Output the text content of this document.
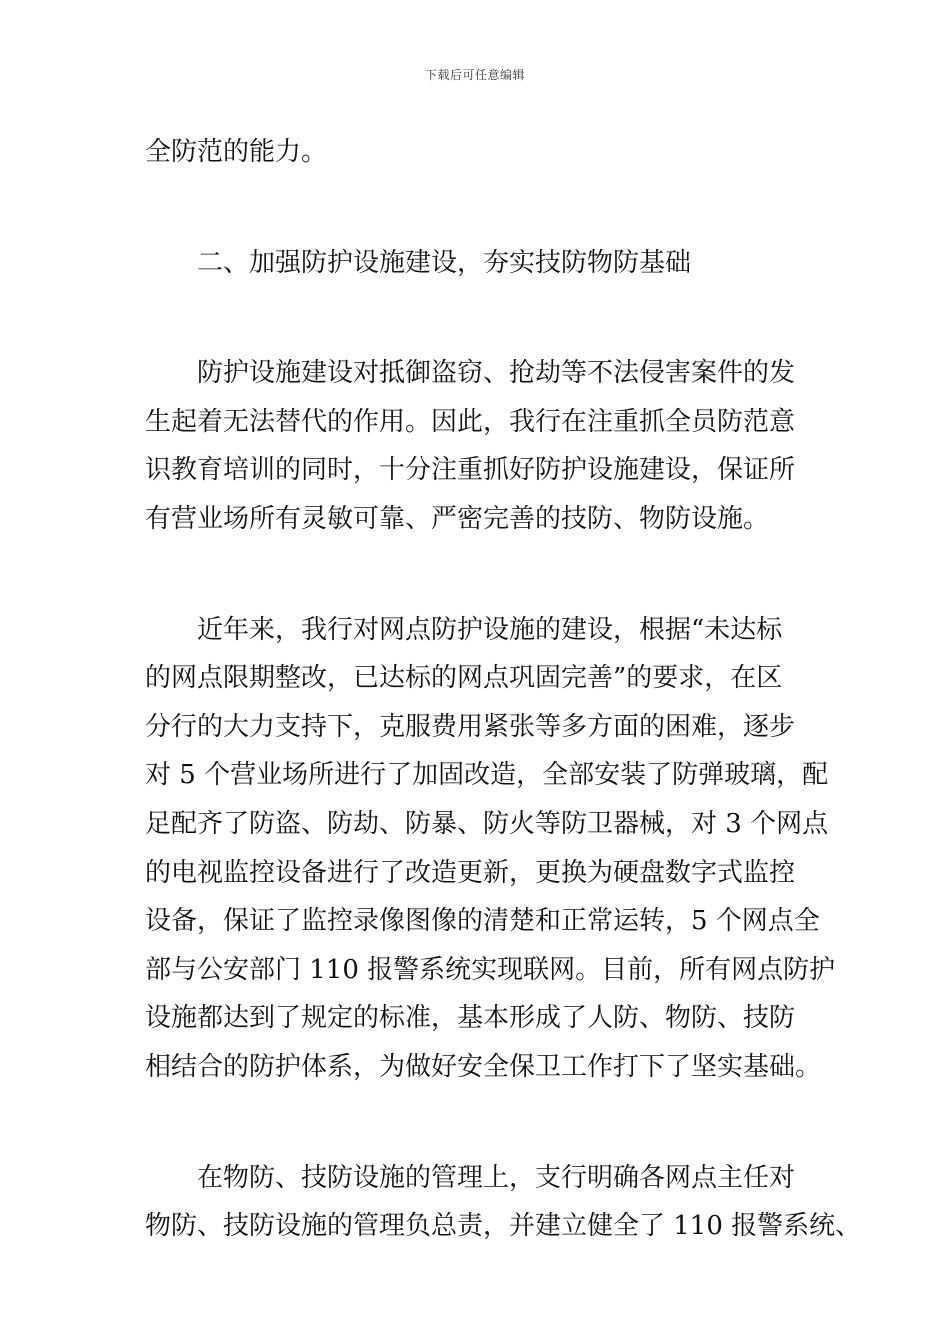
下载后可任意编辑

全防范的能力。

二、加强防护设施建设，夯实技防物防基础

防护设施建设对抵御盗窃、抢劫等不法侵害案件的发
生起着无法替代的作用。因此，我行在注重抓全员防范意
识教育培训的同时，十分注重抓好防护设施建设，保证所
有营业场所有灵敏可靠、严密完善的技防、物防设施。

近年来，我行对网点防护设施的建设，根据“未达标
的网点限期整改，已达标的网点巩固完善”的要求，在区
分行的大力支持下，克服费用紧张等多方面的困难，逐步
对 5 个营业场所进行了加固改造，全部安装了防弹玻璃，配
足配齐了防盗、防劫、防暴、防火等防卫器械，对 3 个网点
的电视监控设备进行了改造更新，更换为硬盘数字式监控
设备，保证了监控录像图像的清楚和正常运转，5 个网点全
部与公安部门 110 报警系统实现联网。目前，所有网点防护
设施都达到了规定的标准，基本形成了人防、物防、技防
相结合的防护体系，为做好安全保卫工作打下了坚实基础。

在物防、技防设施的管理上，支行明确各网点主任对
物防、技防设施的管理负总责，并建立健全了 110 报警系统、
